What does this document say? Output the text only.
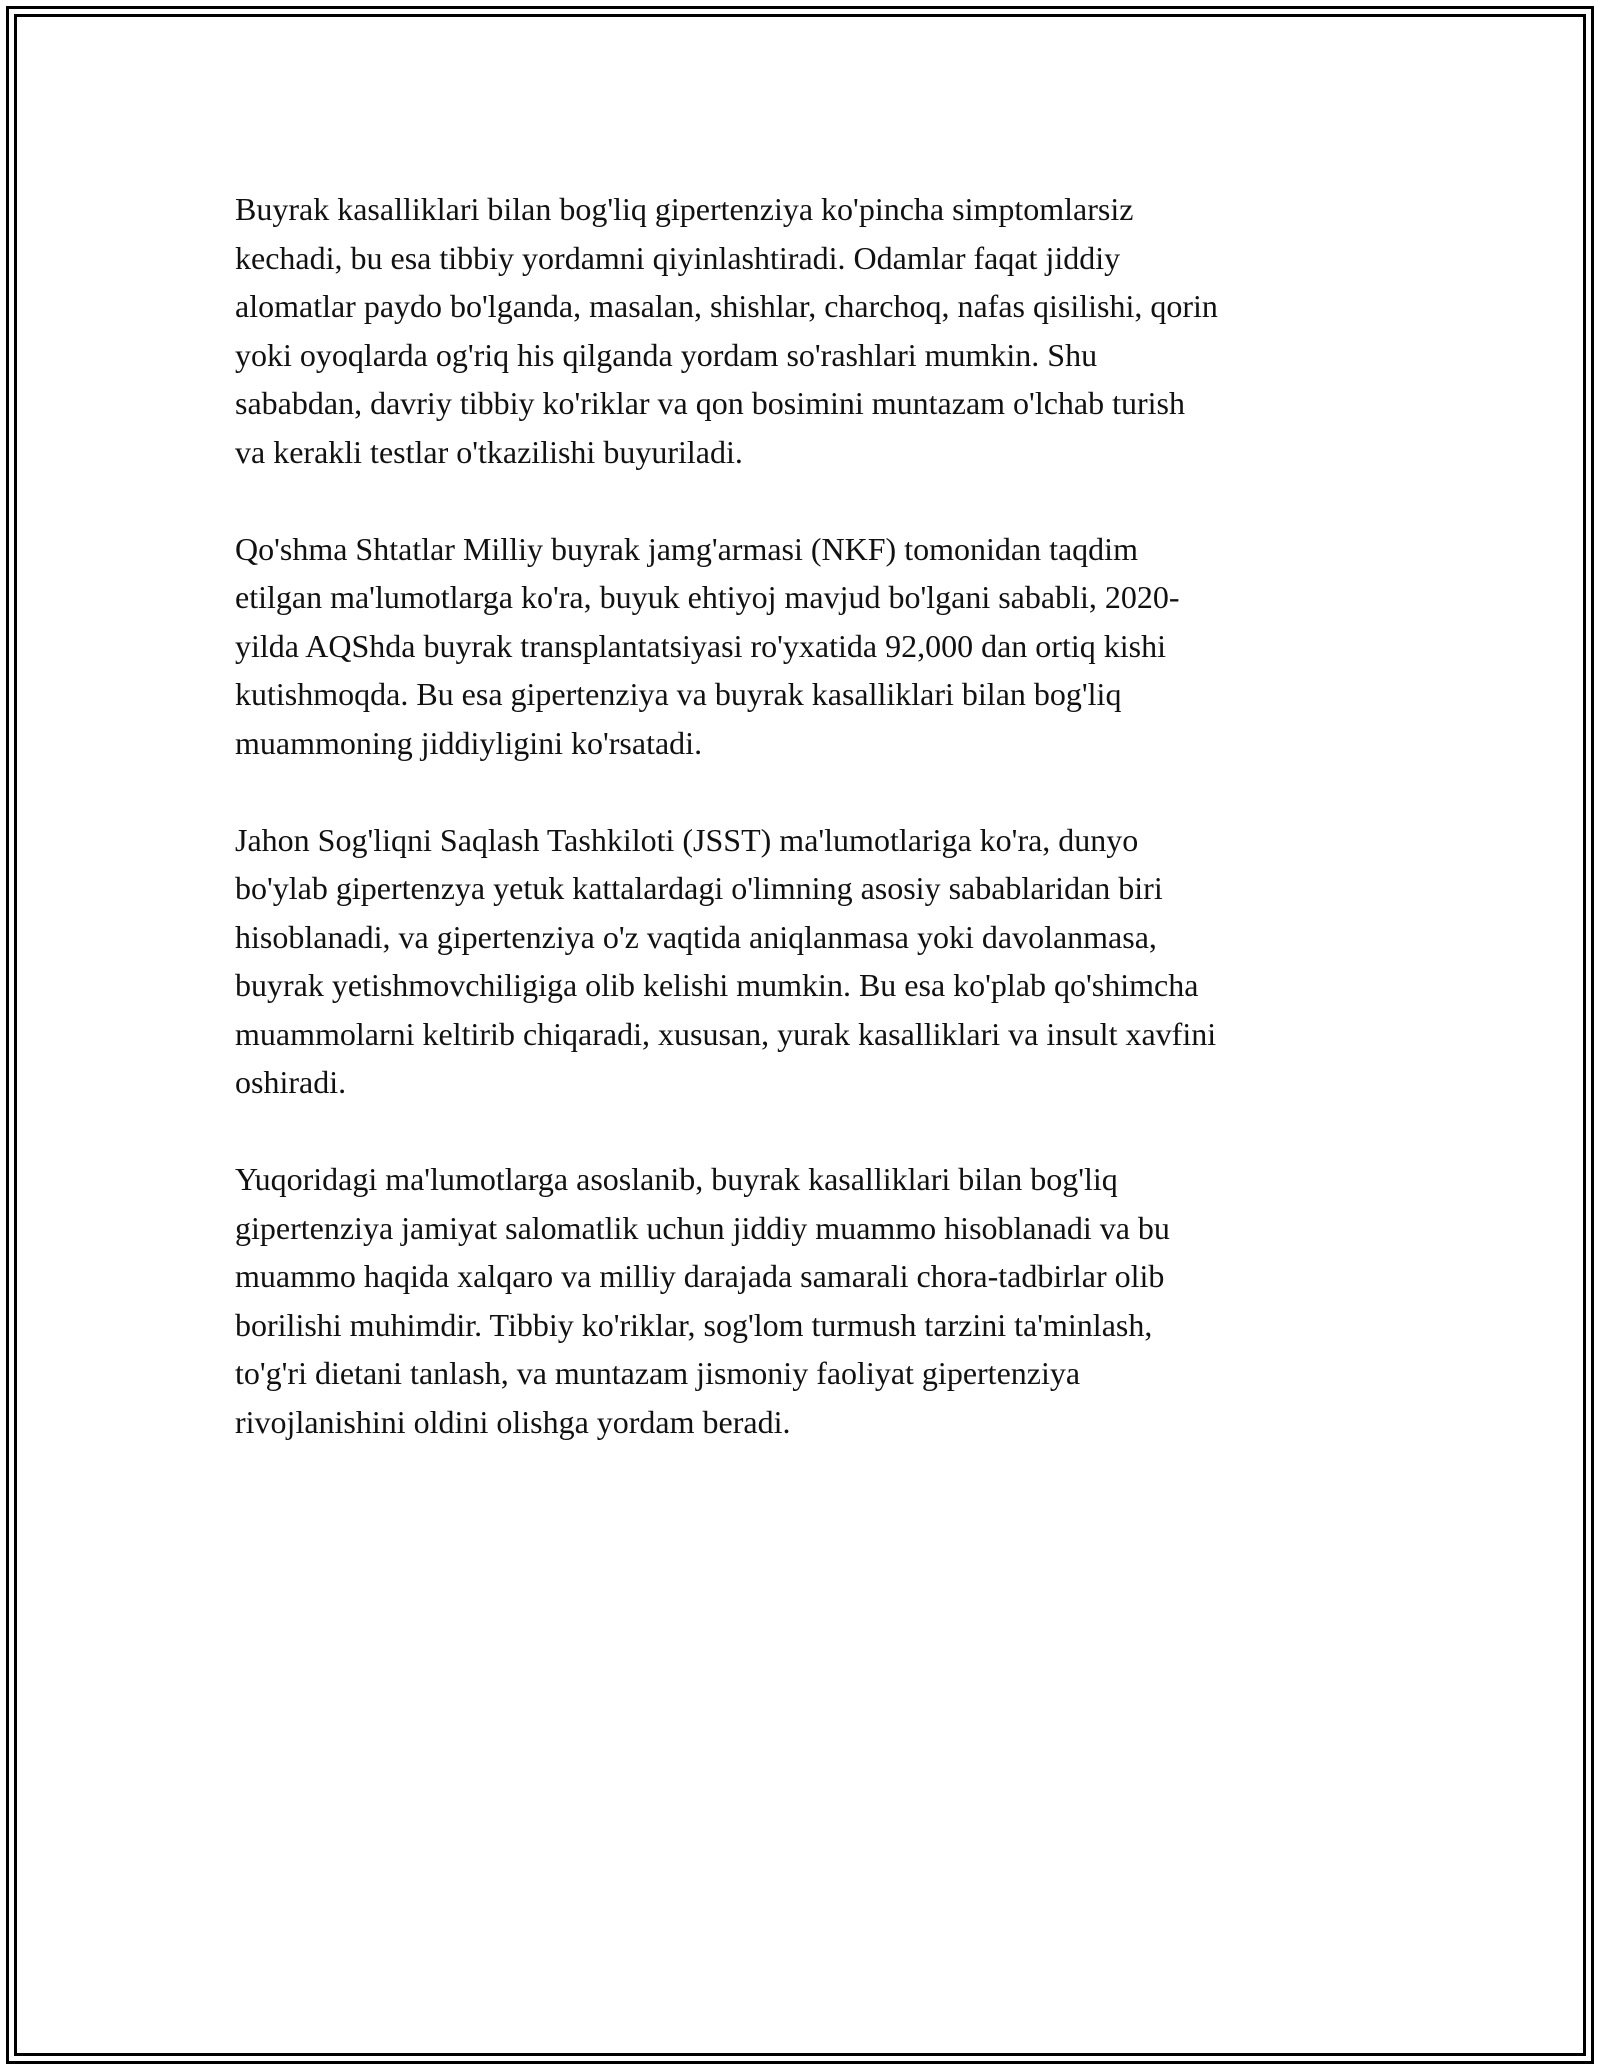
Buyrak kasalliklari bilan bog'liq gipertenziya ko'pincha simptomlarsiz
kechadi, bu esa tibbiy yordamni qiyinlashtiradi. Odamlar faqat jiddiy
alomatlar paydo bo'lganda, masalan, shishlar, charchoq, nafas qisilishi, qorin
yoki oyoqlarda og'riq his qilganda yordam so'rashlari mumkin. Shu
sababdan, davriy tibbiy ko'riklar va qon bosimini muntazam o'lchab turish
va kerakli testlar o'tkazilishi buyuriladi.

Qo'shma Shtatlar Milliy buyrak jamg'armasi (NKF) tomonidan taqdim
etilgan ma'lumotlarga ko'ra, buyuk ehtiyoj mavjud bo'lgani sababli, 2020-
yilda AQShda buyrak transplantatsiyasi ro'yxatida 92,000 dan ortiq kishi
kutishmoqda. Bu esa gipertenziya va buyrak kasalliklari bilan bog'liq
muammoning jiddiyligini ko'rsatadi.

Jahon Sog'liqni Saqlash Tashkiloti (JSST) ma'lumotlariga ko'ra, dunyo
bo'ylab gipertenzya yetuk kattalardagi o'limning asosiy sabablaridan biri
hisoblanadi, va gipertenziya o'z vaqtida aniqlanmasa yoki davolanmasa,
buyrak yetishmovchiligiga olib kelishi mumkin. Bu esa ko'plab qo'shimcha
muammolarni keltirib chiqaradi, xususan, yurak kasalliklari va insult xavfini
oshiradi.

Yuqoridagi ma'lumotlarga asoslanib, buyrak kasalliklari bilan bog'liq
gipertenziya jamiyat salomatlik uchun jiddiy muammo hisoblanadi va bu
muammo haqida xalqaro va milliy darajada samarali chora-tadbirlar olib
borilishi muhimdir. Tibbiy ko'riklar, sog'lom turmush tarzini ta'minlash,
to'g'ri dietani tanlash, va muntazam jismoniy faoliyat gipertenziya
rivojlanishini oldini olishga yordam beradi.
